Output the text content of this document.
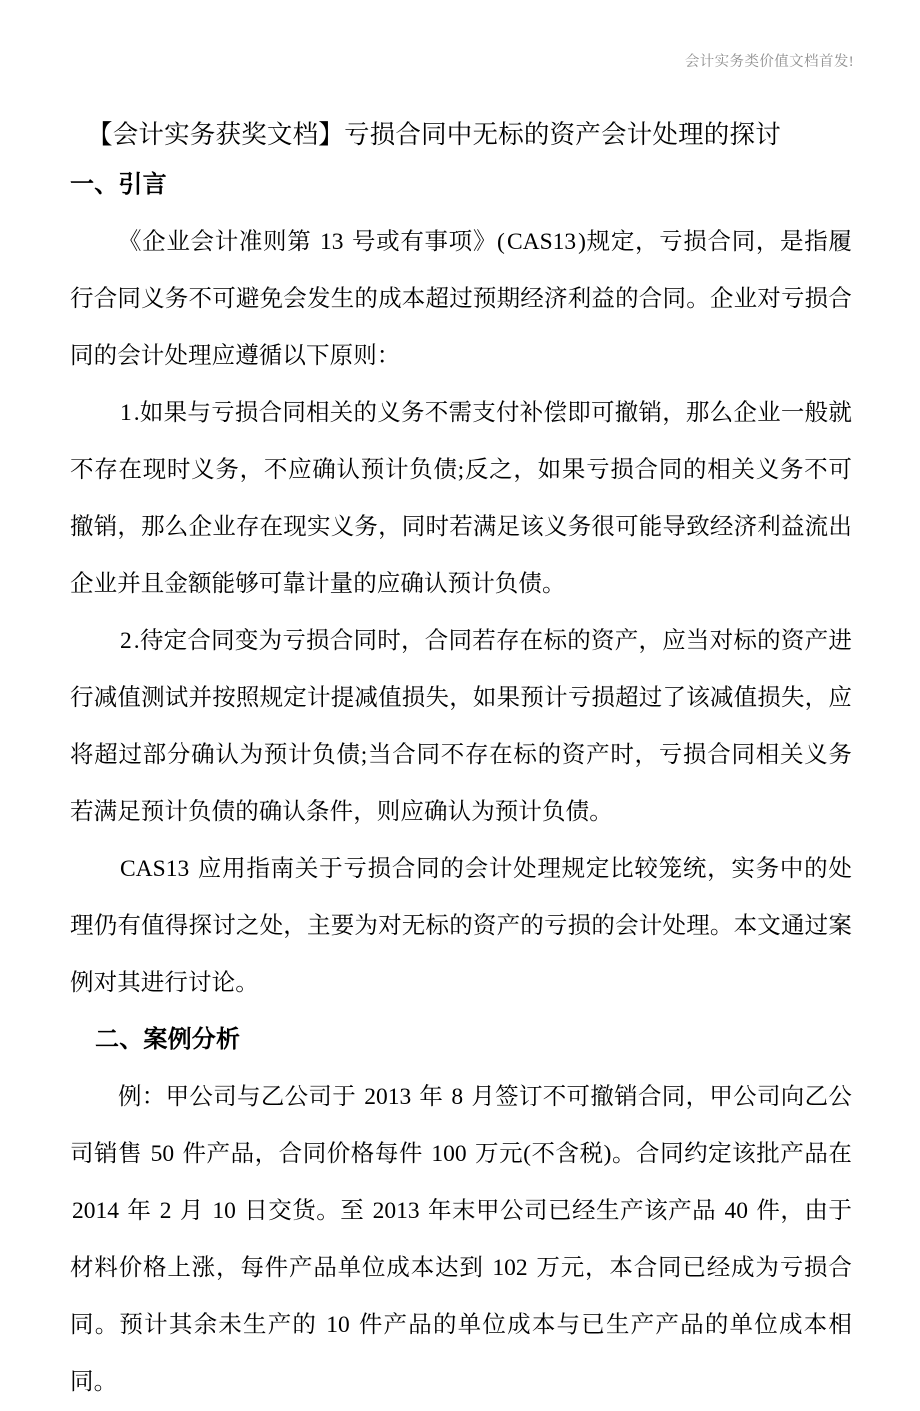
会计实务类价值文档首发!
【会计实务获奖文档】亏损合同中无标的资产会计处理的探讨
一、引言

《企业会计准则第 13 号或有事项》(CAS13)规定，亏损合同，是指履行合同义务不可避免会发生的成本超过预期经济利益的合同。企业对亏损合同的会计处理应遵循以下原则：

1.如果与亏损合同相关的义务不需支付补偿即可撤销，那么企业一般就不存在现时义务，不应确认预计负债;反之，如果亏损合同的相关义务不可撤销，那么企业存在现实义务，同时若满足该义务很可能导致经济利益流出企业并且金额能够可靠计量的应确认预计负债。

2.待定合同变为亏损合同时，合同若存在标的资产，应当对标的资产进行减值测试并按照规定计提减值损失，如果预计亏损超过了该减值损失，应将超过部分确认为预计负债;当合同不存在标的资产时，亏损合同相关义务若满足预计负债的确认条件，则应确认为预计负债。

CAS13 应用指南关于亏损合同的会计处理规定比较笼统，实务中的处理仍有值得探讨之处，主要为对无标的资产的亏损的会计处理。本文通过案例对其进行讨论。

二、案例分析

例：甲公司与乙公司于 2013 年 8 月签订不可撤销合同，甲公司向乙公司销售 50 件产品，合同价格每件 100 万元(不含税)。合同约定该批产品在 2014 年 2 月 10 日交货。至 2013 年末甲公司已经生产该产品 40 件，由于材料价格上涨，每件产品单位成本达到 102 万元，本合同已经成为亏损合同。预计其余未生产的 10 件产品的单位成本与已生产产品的单位成本相同。
